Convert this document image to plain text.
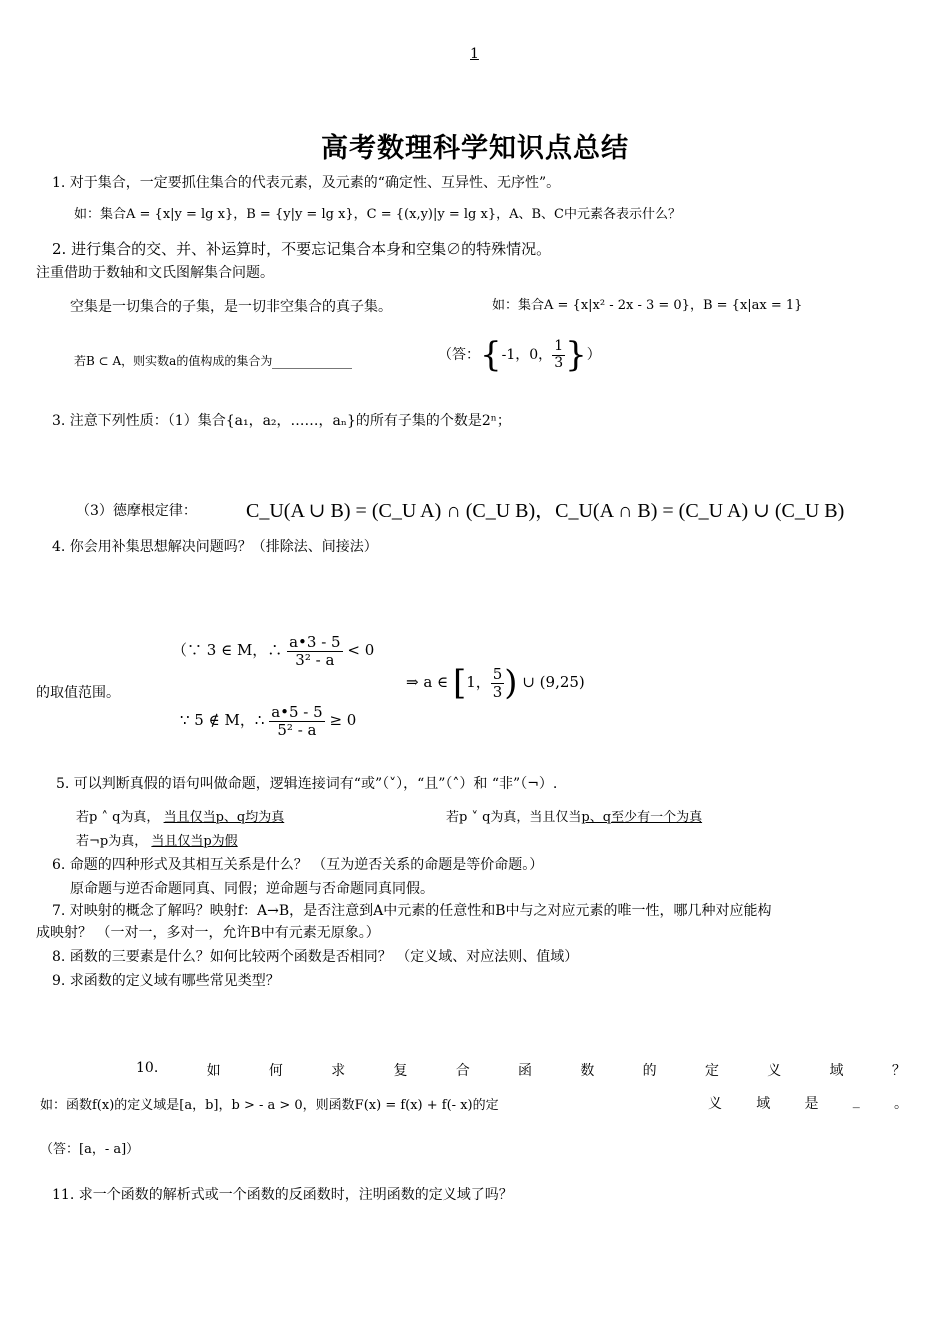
1
高考数理科学知识点总结
1. 对于集合，一定要抓住集合的代表元素，及元素的“确定性、互异性、无序性”。
如：集合A = {x|y = lg x}，B = {y|y = lg x}，C = {(x,y)|y = lg x}，A、B、C中元素各表示什么？
2. 进行集合的交、并、补运算时，不要忘记集合本身和空集∅的特殊情况。
注重借助于数轴和文氏图解集合问题。
空集是一切集合的子集，是一切非空集合的真子集。	如：集合A = {x|x² - 2x - 3 = 0}，B = {x|ax = 1}
若B ⊂ A，则实数a的值构成的集合为	（答：{-1，0， $\frac{1}{3}$ }）
3. 注意下列性质：（1）集合{a₁，a₂，……，aₙ}的所有子集的个数是2ⁿ；
（3）德摩根定律： C_U(A ∪ B) = (C_U A) ∩ (C_U B)，C_U(A ∩ B) = (C_U A) ∪ (C_U B)
4. 你会用补集思想解决问题吗？（排除法、间接法）
（∵ 3 ∈ M，∴ $\frac{a•3 - 5}{\text{3² - a}} < 0$
的取值范围。
⇒ a ∈ [1， $\frac{5}{3}$ ) ∪ (9,25)
∵ 5 ∉ M，∴ $\frac{a•5 - 5}{\text{5² - a}} \ge 0$
5. 可以判断真假的语句叫做命题，逻辑连接词有“或”（˅），“且”（˄）和 “非”（¬）.
若p ˄ q为真， 当且仅当p、q均为真	若p ˅ q为真，当且仅当p、q至少有一个为真
若¬p为真， 当且仅当p为假
6. 命题的四种形式及其相互关系是什么？ （互为逆否关系的命题是等价命题。）
原命题与逆否命题同真、同假；逆命题与否命题同真同假。
7. 对映射的概念了解吗？映射f：A→B，是否注意到A中元素的任意性和B中与之对应元素的唯一性，哪几种对应能构
成映射？ （一对一，多对一，允许B中有元素无原象。）
8. 函数的三要素是什么？如何比较两个函数是否相同？ （定义域、对应法则、值域）
9. 求函数的定义域有哪些常见类型？
10.	如	何	求	复	合	函	数	的	定	义	域	？
如：函数f(x)的定义域是[a，b]，b > - a > 0，则函数F(x) = f(x) + f(- x)的定	义 域 是 _ 。
（答：[a，- a]）
11. 求一个函数的解析式或一个函数的反函数时，注明函数的定义域了吗？
